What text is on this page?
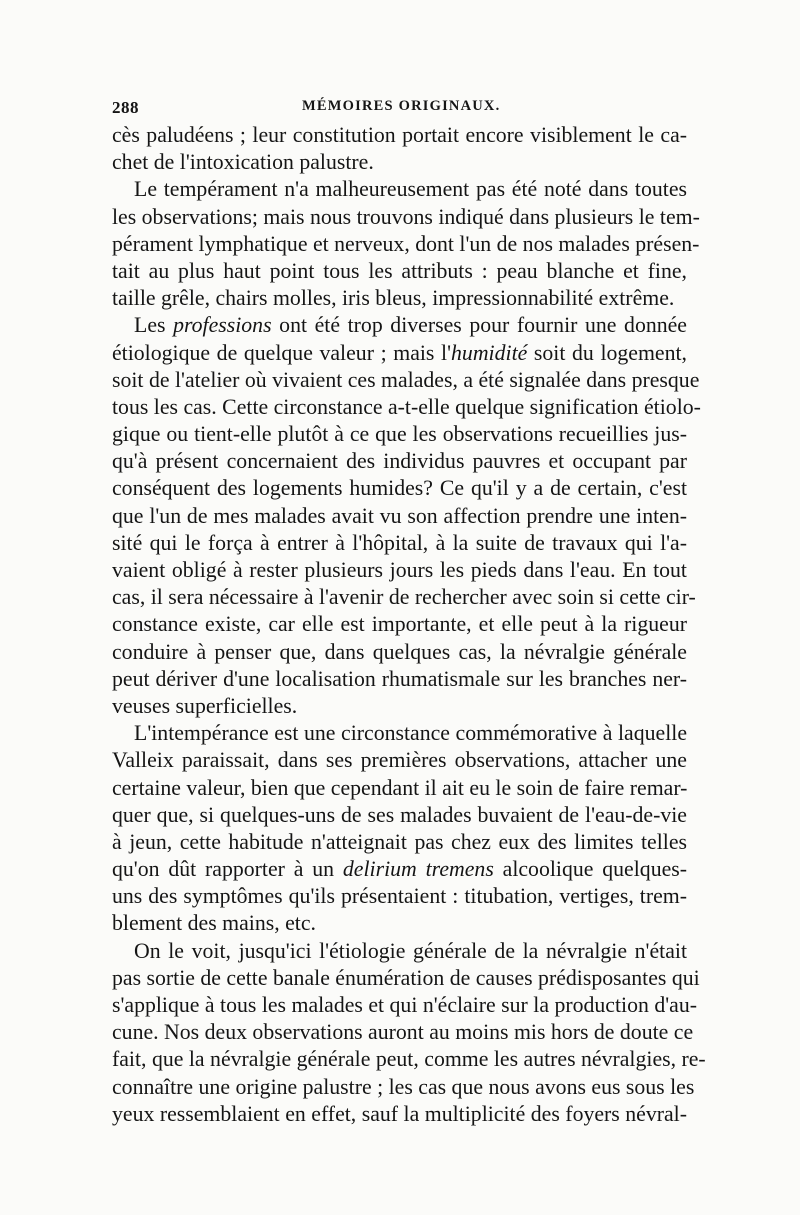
288	MÉMOIRES ORIGINAUX.
cès paludéens ; leur constitution portait encore visiblement le ca-
chet de l'intoxication palustre.
Le tempérament n'a malheureusement pas été noté dans toutes
les observations; mais nous trouvons indiqué dans plusieurs le tem-
pérament lymphatique et nerveux, dont l'un de nos malades présen-
tait au plus haut point tous les attributs : peau blanche et fine,
taille grêle, chairs molles, iris bleus, impressionnabilité extrême.
Les professions ont été trop diverses pour fournir une donnée
étiologique de quelque valeur ; mais l'humidité soit du logement,
soit de l'atelier où vivaient ces malades, a été signalée dans presque
tous les cas. Cette circonstance a-t-elle quelque signification étiolo-
gique ou tient-elle plutôt à ce que les observations recueillies jus-
qu'à présent concernaient des individus pauvres et occupant par
conséquent des logements humides? Ce qu'il y a de certain, c'est
que l'un de mes malades avait vu son affection prendre une inten-
sité qui le força à entrer à l'hôpital, à la suite de travaux qui l'a-
vaient obligé à rester plusieurs jours les pieds dans l'eau. En tout
cas, il sera nécessaire à l'avenir de rechercher avec soin si cette cir-
constance existe, car elle est importante, et elle peut à la rigueur
conduire à penser que, dans quelques cas, la névralgie générale
peut dériver d'une localisation rhumatismale sur les branches ner-
veuses superficielles.
L'intempérance est une circonstance commémorative à laquelle
Valleix paraissait, dans ses premières observations, attacher une
certaine valeur, bien que cependant il ait eu le soin de faire remar-
quer que, si quelques-uns de ses malades buvaient de l'eau-de-vie
à jeun, cette habitude n'atteignait pas chez eux des limites telles
qu'on dût rapporter à un delirium tremens alcoolique quelques-
uns des symptômes qu'ils présentaient : titubation, vertiges, trem-
blement des mains, etc.
On le voit, jusqu'ici l'étiologie générale de la névralgie n'était
pas sortie de cette banale énumération de causes prédisposantes qui
s'applique à tous les malades et qui n'éclaire sur la production d'au-
cune. Nos deux observations auront au moins mis hors de doute ce
fait, que la névralgie générale peut, comme les autres névralgies, re-
connaître une origine palustre ; les cas que nous avons eus sous les
yeux ressemblaient en effet, sauf la multiplicité des foyers névral-
